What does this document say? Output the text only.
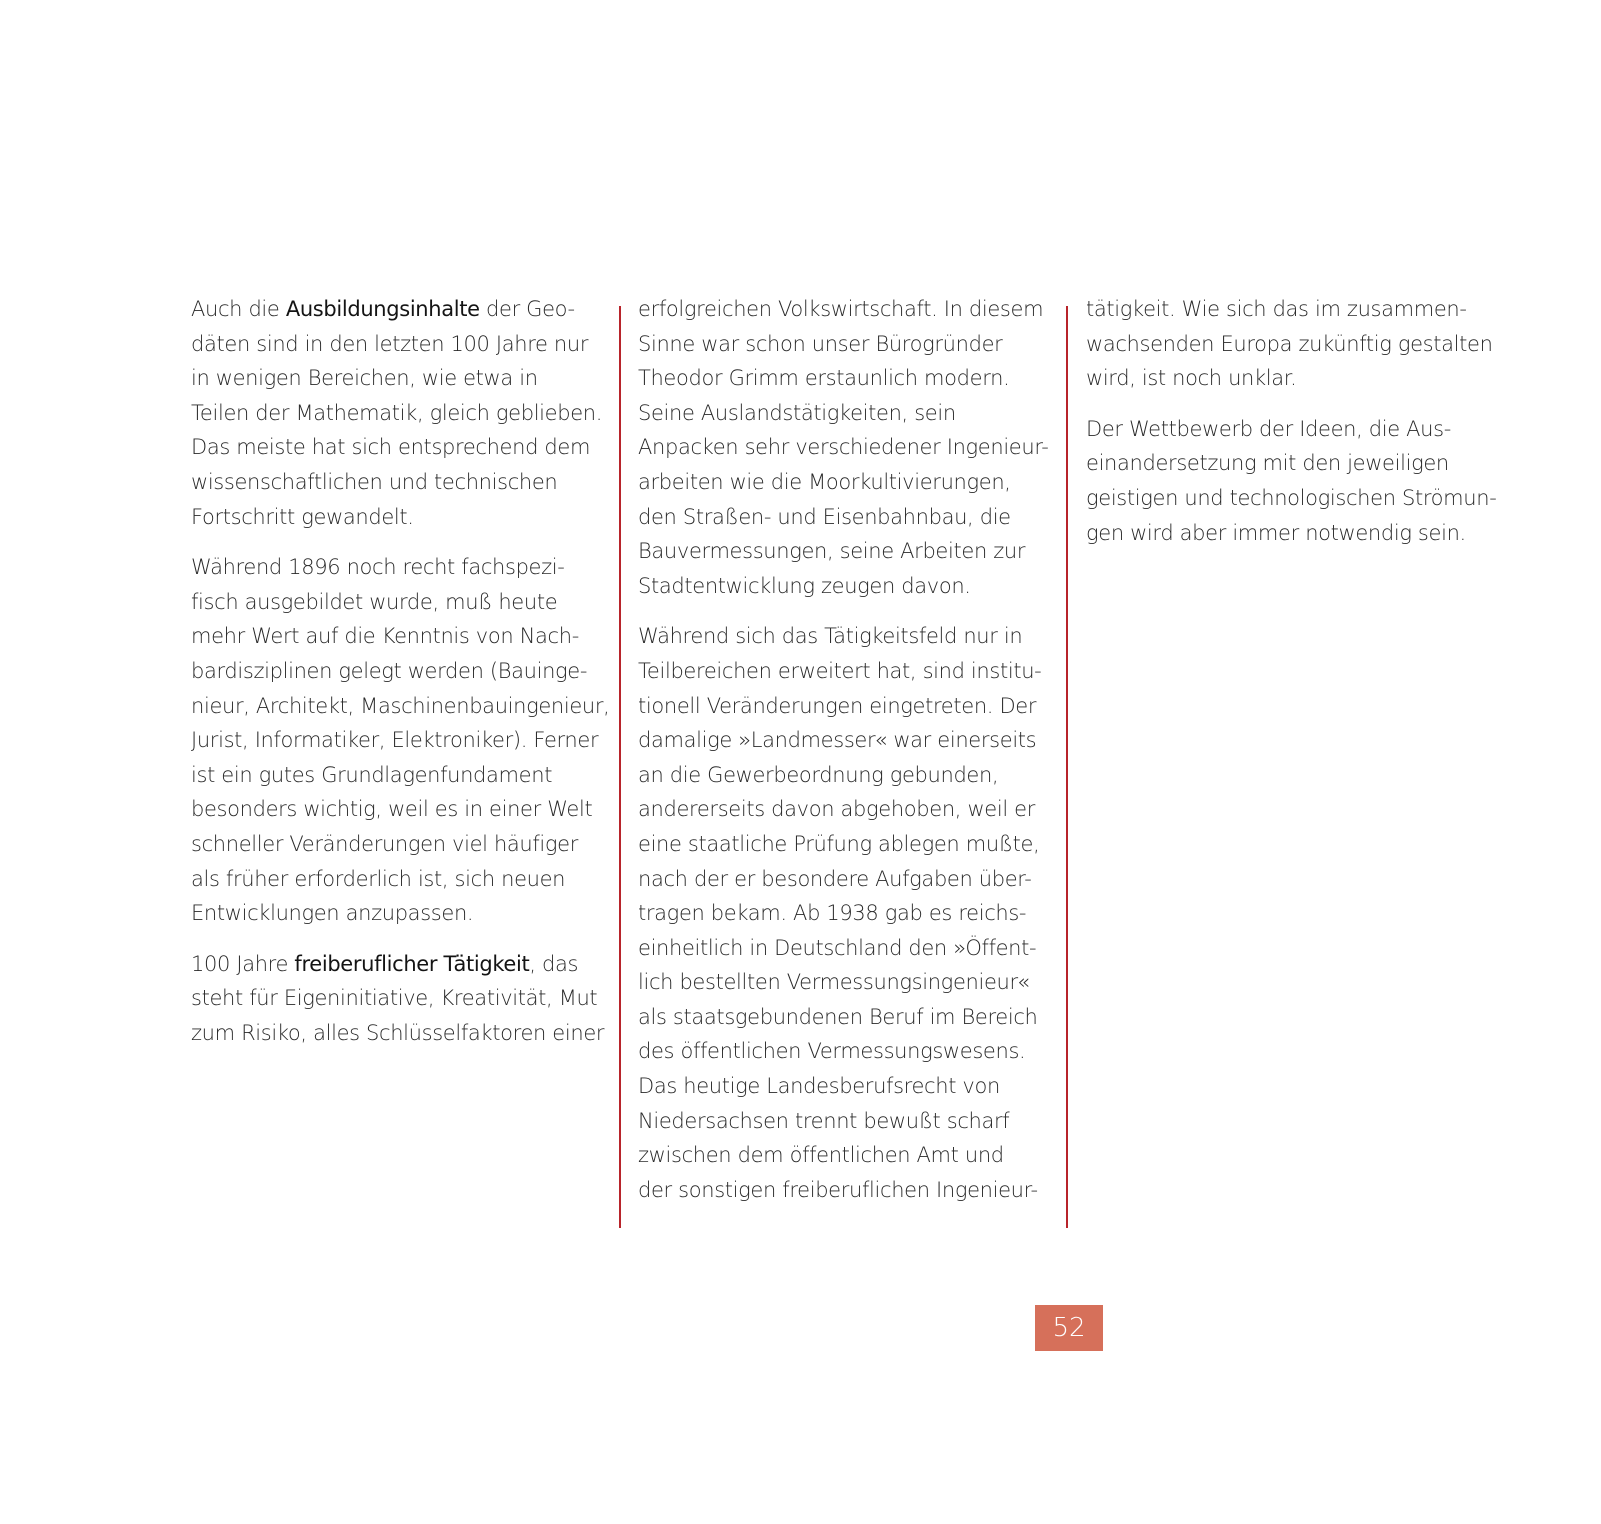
Auch die Ausbildungsinhalte der Geo-
däten sind in den letzten 100 Jahre nur
in wenigen Bereichen, wie etwa in
Teilen der Mathematik, gleich geblieben.
Das meiste hat sich entsprechend dem
wissenschaftlichen und technischen
Fortschritt gewandelt.

Während 1896 noch recht fachspezi-
fisch ausgebildet wurde, muß heute
mehr Wert auf die Kenntnis von Nach-
bardisziplinen gelegt werden (Bauinge-
nieur, Architekt, Maschinenbauingenieur,
Jurist, Informatiker, Elektroniker). Ferner
ist ein gutes Grundlagenfundament
besonders wichtig, weil es in einer Welt
schneller Veränderungen viel häufiger
als früher erforderlich ist, sich neuen
Entwicklungen anzupassen.

100 Jahre freiberuflicher Tätigkeit, das
steht für Eigeninitiative, Kreativität, Mut
zum Risiko, alles Schlüsselfaktoren einer

erfolgreichen Volkswirtschaft. In diesem
Sinne war schon unser Bürogründer
Theodor Grimm erstaunlich modern.
Seine Auslandstätigkeiten, sein
Anpacken sehr verschiedener Ingenieur-
arbeiten wie die Moorkultivierungen,
den Straßen- und Eisenbahnbau, die
Bauvermessungen, seine Arbeiten zur
Stadtentwicklung zeugen davon.

Während sich das Tätigkeitsfeld nur in
Teilbereichen erweitert hat, sind institu-
tionell Veränderungen eingetreten. Der
damalige »Landmesser« war einerseits
an die Gewerbeordnung gebunden,
andererseits davon abgehoben, weil er
eine staatliche Prüfung ablegen mußte,
nach der er besondere Aufgaben über-
tragen bekam. Ab 1938 gab es reichs-
einheitlich in Deutschland den »Öffent-
lich bestellten Vermessungsingenieur«
als staatsgebundenen Beruf im Bereich
des öffentlichen Vermessungswesens.
Das heutige Landesberufsrecht von
Niedersachsen trennt bewußt scharf
zwischen dem öffentlichen Amt und
der sonstigen freiberuflichen Ingenieur-

tätigkeit. Wie sich das im zusammen-
wachsenden Europa zukünftig gestalten
wird, ist noch unklar.

Der Wettbewerb der Ideen, die Aus-
einandersetzung mit den jeweiligen
geistigen und technologischen Strömun-
gen wird aber immer notwendig sein.

52
